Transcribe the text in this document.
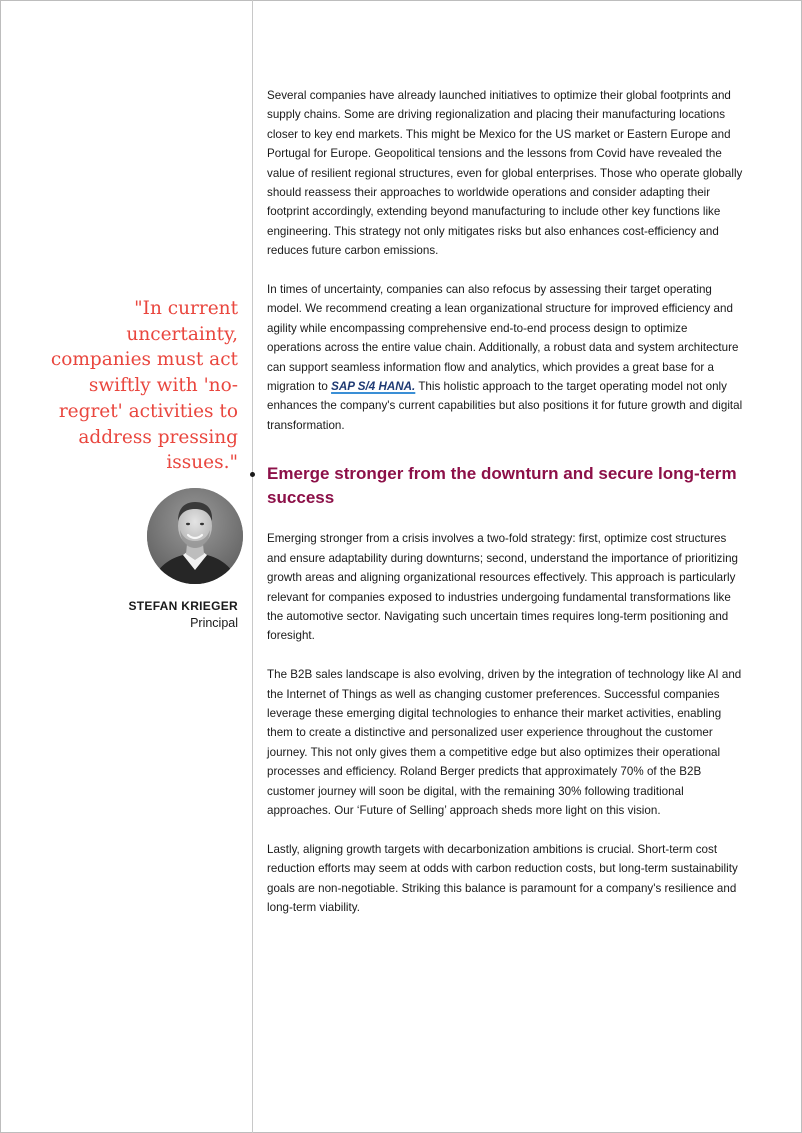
"In current uncertainty, companies must act swiftly with 'no-regret' activities to address pressing issues."

STEFAN KRIEGER
Principal

Several companies have already launched initiatives to optimize their global footprints and supply chains. Some are driving regionalization and placing their manufacturing locations closer to key end markets. This might be Mexico for the US market or Eastern Europe and Portugal for Europe. Geopolitical tensions and the lessons from Covid have revealed the value of resilient regional structures, even for global enterprises. Those who operate globally should reassess their approaches to worldwide operations and consider adapting their footprint accordingly, extending beyond manufacturing to include other key functions like engineering. This strategy not only mitigates risks but also enhances cost-efficiency and reduces future carbon emissions.

In times of uncertainty, companies can also refocus by assessing their target operating model. We recommend creating a lean organizational structure for improved efficiency and agility while encompassing comprehensive end-to-end process design to optimize operations across the entire value chain. Additionally, a robust data and system architecture can support seamless information flow and analytics, which provides a great base for a migration to SAP S/4 HANA. This holistic approach to the target operating model not only enhances the company's current capabilities but also positions it for future growth and digital transformation.

Emerge stronger from the downturn and secure long-term success

Emerging stronger from a crisis involves a two-fold strategy: first, optimize cost structures and ensure adaptability during downturns; second, understand the importance of prioritizing growth areas and aligning organizational resources effectively. This approach is particularly relevant for companies exposed to industries undergoing fundamental transformations like the automotive sector. Navigating such uncertain times requires long-term positioning and foresight.

The B2B sales landscape is also evolving, driven by the integration of technology like AI and the Internet of Things as well as changing customer preferences. Successful companies leverage these emerging digital technologies to enhance their market activities, enabling them to create a distinctive and personalized user experience throughout the customer journey. This not only gives them a competitive edge but also optimizes their operational processes and efficiency. Roland Berger predicts that approximately 70% of the B2B customer journey will soon be digital, with the remaining 30% following traditional approaches. Our ‘Future of Selling’ approach sheds more light on this vision.

Lastly, aligning growth targets with decarbonization ambitions is crucial. Short-term cost reduction efforts may seem at odds with carbon reduction costs, but long-term sustainability goals are non-negotiable. Striking this balance is paramount for a company's resilience and long-term viability.
